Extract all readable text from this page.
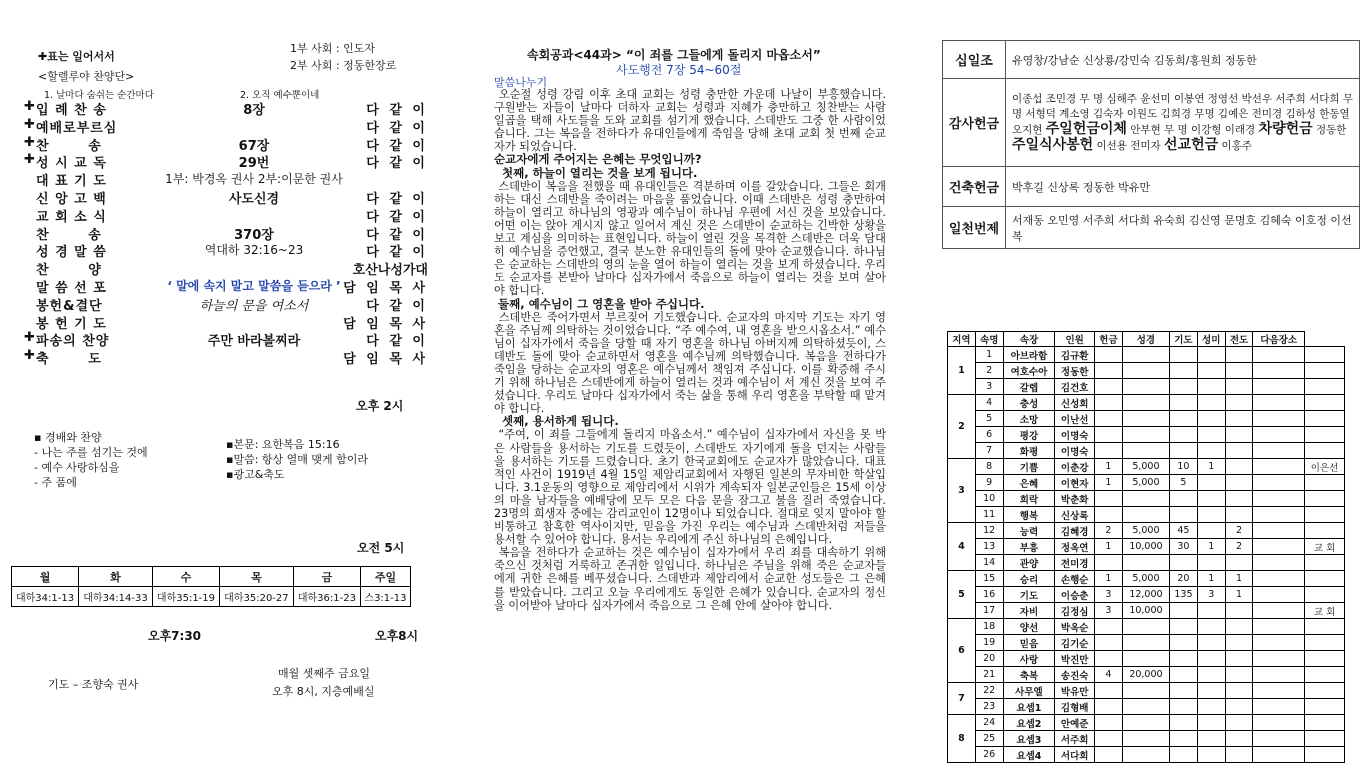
✚표는 일어서서
<할렐루야 찬양단>
1. 날마다 숨쉬는 순간마다	2. 오직 예수뿐이네
1부 사회 : 인도자
2부 사회 : 정동한장로
✚ 입 례 찬 송	8장	다 같 이
✚ 예배로부르심	다 같 이
✚ 찬       송	67장	다 같 이
✚ 성 시 교 독	29번	다 같 이
대 표 기 도	1부: 박경옥 권사 2부:이문한 권사
신 앙 고 백	사도신경	다 같 이
교 회 소 식	다 같 이
찬       송	370장	다 같 이
성 경 말 씀	역대하 32:16~23	다 같 이
찬       양	호산나성가대
말 씀 선 포	‘ 말에 속지 말고 말씀을 듣으라 ’ 담 임 목 사
봉헌&결단	하늘의 문을 여소서	다 같 이
봉 헌 기 도	담 임 목 사
✚ 파송의 찬양	주만 바라볼찌라	다 같 이
✚ 축       도	담 임 목 사
오후 2시
▪ 경배와 찬양
- 나는 주를 섬기는 것에
- 예수 사랑하심을
- 주 품에
▪본문: 요한복음 15:16
▪말씀: 항상 열매 맺게 함이라
▪광고&축도
오전 5시
월	화	수	목	금	주일
대하34:1-13	대하34:14-33	대하35:1-19	대하35:20-27	대하36:1-23	스3:1-13
오후7:30	오후8시
기도 – 조향숙 권사
매월 셋째주 금요일
오후 8시, 지층예배실
속회공과<44과> “이 죄를 그들에게 돌리지 마옵소서”
사도행전 7장 54~60절
말씀나누기

오순절 성령 강림 이후 초대 교회는 성령 충만한 가운데 나날이 부흥했습니다. 구원받는 자들이 날마다 더하자 교회는 성령과 지혜가 충만하고 칭찬받는 사람 일곱을 택해 사도들을 도와 교회를 섬기게 했습니다. 스데반도 그중 한 사람이었습니다. 그는 복음을 전하다가 유대인들에게 죽임을 당해 초대 교회 첫 번째 순교자가 되었습니다.

순교자에게 주어지는 은혜는 무엇입니까?
첫째, 하늘이 열리는 것을 보게 됩니다.

스데반이 복음을 전했을 때 유대인들은 격분하며 이를 갈았습니다. 그들은 회개하는 대신 스데반을 죽이려는 마음을 품었습니다. 이때 스데반은 성령 충만하여 하늘이 열리고 하나님의 영광과 예수님이 하나님 우편에 서신 것을 보았습니다. 어떤 이는 앉아 계시지 않고 일어서 계신 것은 스데반이 순교하는 긴박한 상황을 보고 계심을 의미하는 표현입니다. 하늘이 열린 것을 목격한 스데반은 더욱 담대히 예수님을 증언했고, 결국 분노한 유대인들의 돌에 맞아 순교했습니다. 하나님은 순교하는 스데반의 영의 눈을 열어 하늘이 열리는 것을 보게 하셨습니다. 우리도 순교자를 본받아 날마다 십자가에서 죽음으로 하늘이 열리는 것을 보며 살아야 합니다.

둘째, 예수님이 그 영혼을 받아 주십니다.

스데반은 죽어가면서 부르짖어 기도했습니다. 순교자의 마지막 기도는 자기 영혼을 주님께 의탁하는 것이었습니다. “주 예수여, 내 영혼을 받으시옵소서.” 예수님이 십자가에서 죽음을 당할 때 자기 영혼을 하나님 아버지께 의탁하셨듯이, 스데반도 돌에 맞아 순교하면서 영혼을 예수님께 의탁했습니다. 복음을 전하다가 죽임을 당하는 순교자의 영혼은 예수님께서 책임져 주십니다. 이를 확증해 주시기 위해 하나님은 스데반에게 하늘이 열리는 것과 예수님이 서 계신 것을 보여 주셨습니다. 우리도 날마다 십자가에서 죽는 삶을 통해 우리 영혼을 부탁할 때 맡겨야 합니다.

셋째, 용서하게 됩니다.

“주여, 이 죄를 그들에게 돌리지 마옵소서.” 예수님이 십자가에서 자신을 못 박은 사람들을 용서하는 기도를 드렸듯이, 스데반도 자기에게 돌을 던지는 사람들을 용서하는 기도를 드렸습니다. 초기 한국교회에도 순교자가 많았습니다. 대표적인 사건이 1919년 4월 15일 제암리교회에서 자행된 일본의 무자비한 학살입니다. 3.1운동의 영향으로 제암리에서 시위가 계속되자 일본군인들은 15세 이상의 마을 남자들을 예배당에 모두 모은 다음 문을 잠그고 불을 질러 죽였습니다. 23명의 희생자 중에는 감리교인이 12명이나 되었습니다. 절대로 잊지 말아야 할 비통하고 참혹한 역사이지만, 믿음을 가진 우리는 예수님과 스데반처럼 저들을 용서할 수 있어야 합니다. 용서는 우리에게 주신 하나님의 은혜입니다.

복음을 전하다가 순교하는 것은 예수님이 십자가에서 우리 죄를 대속하기 위해 죽으신 것처럼 거룩하고 존귀한 일입니다. 하나님은 주님을 위해 죽은 순교자들에게 귀한 은혜를 베푸셨습니다. 스데반과 제암리에서 순교한 성도들은 그 은혜를 받았습니다. 그리고 오늘 우리에게도 동일한 은혜가 있습니다. 순교자의 정신을 이어받아 날마다 십자가에서 죽음으로 그 은혜 안에 살아야 합니다.

십일조	유영창/강남순 신상룡/강민숙 김동희/홍원희 정동한
감사헌금	이종섭 조민경 무 명 심해주 윤선미 이봉연 정영선 박선우 서주희 서다희 무 명 서형덕 계소영 김숙자 이원도 김희경 무명 김예은 전미경 김하성 한동열 오지현 주일헌금이체 안부현 무 명 이강형 이래경 차량헌금 정동한 주일식사봉헌 이선용 전미자 선교헌금 이홍주
건축헌금	박후길 신상록 정동한 박유만
일천번제	서재동 오민영 서주희 서다희 유숙희 김신영 문명호 김혜숙 이호정 이선복
지역	속명	속장	인원	헌금	성경	기도	성미	전도	다음장소	
1	1	아브라함	김규환							
	2	여호수아	정동한							
	3	갈렙	김건호							
2	4	충성	신성희							
	5	소망	이난선							
	6	평강	이명숙							
	7	화평	이명숙							
3	8	기쁨	이춘강	1	5,000	10	1			이은선
	9	은혜	이현자	1	5,000	5				
	10	희락	박춘화							
	11	행복	신상록							
4	12	능력	김혜경	2	5,000	45		2		
	13	부흥	정옥연	1	10,000	30	1	2		교 회
	14	관양	전미경							
5	15	승리	손행순	1	5,000	20	1	1		
	16	기도	이승춘	3	12,000	135	3	1		
	17	자비	김정심	3	10,000					교 회
6	18	양선	박옥순							
	19	믿음	김기순							
	20	사랑	박진만							
	21	축복	송진숙	4	20,000					
7	22	사무엘	박유만							
	23	요셉1	김형배							
8	24	요셉2	안예준							
	25	요셉3	서주희							
	26	요셉4	서다희							
